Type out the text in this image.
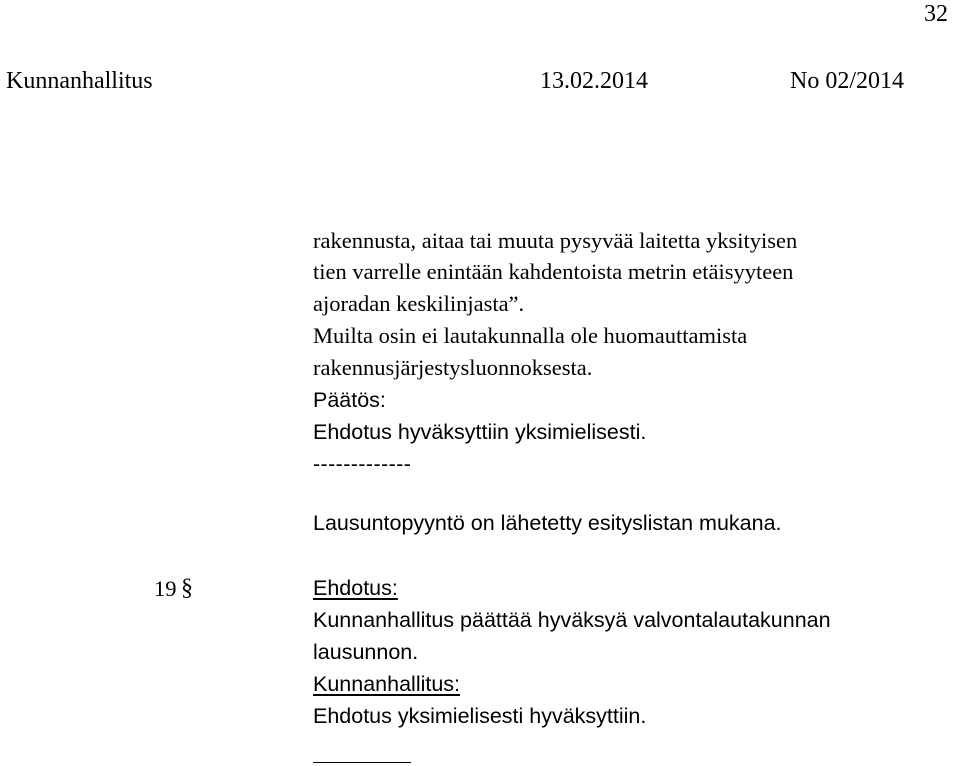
32
Kunnanhallitus	13.02.2014	No 02/2014
rakennusta, aitaa tai muuta pysyvää laitetta yksityisen
tien varrelle enintään kahdentoista metrin etäisyyteen
ajoradan keskilinjasta”.
Muilta osin ei lautakunnalla ole huomauttamista
rakennusjärjestysluonnoksesta.
Päätös:
Ehdotus hyväksyttiin yksimielisesti.
-------------
Lausuntopyyntö on lähetetty esityslistan mukana.
19 §	Ehdotus:
Kunnanhallitus päättää hyväksyä valvontalautakunnan
lausunnon.
Kunnanhallitus:
Ehdotus yksimielisesti hyväksyttiin.
